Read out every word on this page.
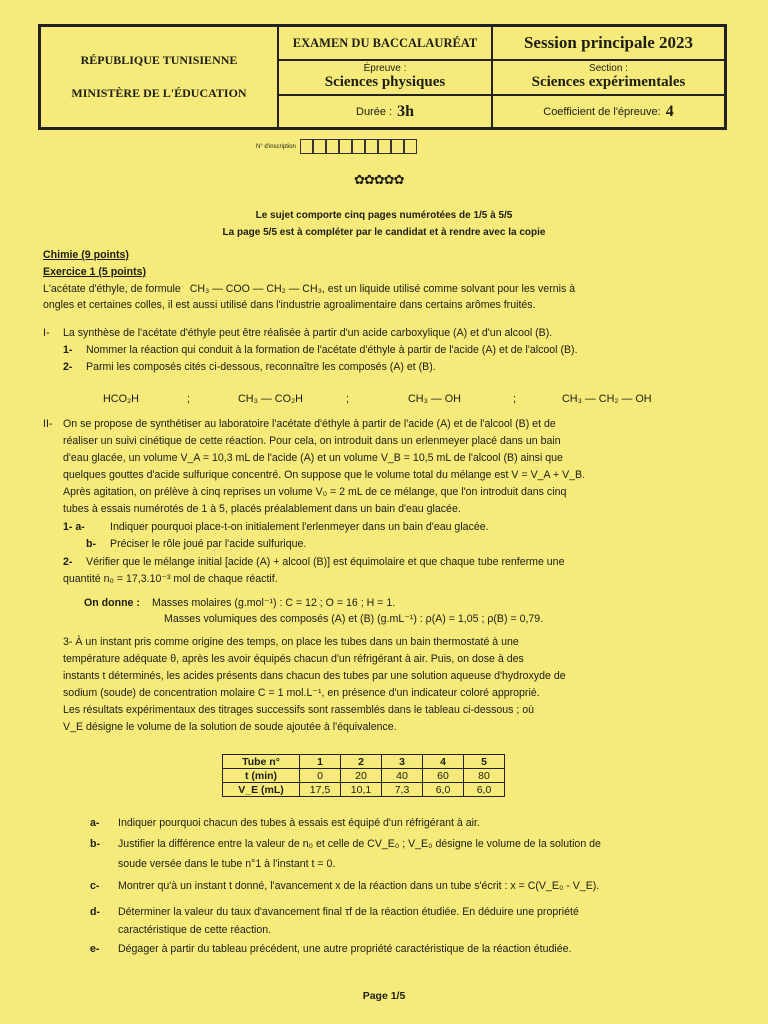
RÉPUBLIQUE TUNISIENNE
MINISTÈRE DE L'ÉDUCATION
EXAMEN DU BACCALAURÉAT	Session principale 2023
Épreuve :
Sciences physiques
Section :
Sciences expérimentales
Durée : 3h	Coefficient de l'épreuve: 4
N° d'inscription
✿✿✿✿✿
Le sujet comporte cinq pages numérotées de 1/5 à 5/5
La page 5/5 est à compléter par le candidat et à rendre avec la copie
Chimie (9 points)
Exercice 1 (5 points)
L'acétate d'éthyle, de formule CH₃ — COO — CH₂ — CH₃, est un liquide utilisé comme solvant pour les vernis à
ongles et certaines colles, il est aussi utilisé dans l'industrie agroalimentaire dans certains arômes fruités.
I- La synthèse de l'acétate d'éthyle peut être réalisée à partir d'un acide carboxylique (A) et d'un alcool (B).
1- Nommer la réaction qui conduit à la formation de l'acétate d'éthyle à partir de l'acide (A) et de l'alcool (B).
2- Parmi les composés cités ci-dessous, reconnaître les composés (A) et (B).
HCO₂H	;	CH₃ — CO₂H	;	CH₃ — OH	;	CH₃ — CH₂ — OH
II- On se propose de synthétiser au laboratoire l'acétate d'éthyle à partir de l'acide (A) et de l'alcool (B) et de
réaliser un suivi cinétique de cette réaction. Pour cela, on introduit dans un erlenmeyer placé dans un bain
d'eau glacée, un volume V_A = 10,3 mL de l'acide (A) et un volume V_B = 10,5 mL de l'alcool (B) ainsi que
quelques gouttes d'acide sulfurique concentré. On suppose que le volume total du mélange est V = V_A + V_B.
Après agitation, on prélève à cinq reprises un volume V₀ = 2 mL de ce mélange, que l'on introduit dans cinq
tubes à essais numérotés de 1 à 5, placés préalablement dans un bain d'eau glacée.
1- a- Indiquer pourquoi place-t-on initialement l'erlenmeyer dans un bain d'eau glacée.
b- Préciser le rôle joué par l'acide sulfurique.
2- Vérifier que le mélange initial [acide (A) + alcool (B)] est équimolaire et que chaque tube renferme une
quantité n₀ = 17,3.10⁻³ mol de chaque réactif.
On donne : Masses molaires (g.mol⁻¹) : C = 12 ; O = 16 ; H = 1.
Masses volumiques des composés (A) et (B) (g.mL⁻¹) : ρ(A) = 1,05 ; ρ(B) = 0,79.
3- À un instant pris comme origine des temps, on place les tubes dans un bain thermostaté à une
température adéquate θ, après les avoir équipés chacun d'un réfrigérant à air. Puis, on dose à des
instants t déterminés, les acides présents dans chacun des tubes par une solution aqueuse d'hydroxyde de
sodium (soude) de concentration molaire C = 1 mol.L⁻¹, en présence d'un indicateur coloré approprié.
Les résultats expérimentaux des titrages successifs sont rassemblés dans le tableau ci-dessous ; où
V_E désigne le volume de la solution de soude ajoutée à l'équivalence.
Tube n°	1	2	3	4	5
t (min)	0	20	40	60	80
V_E (mL)	17,5	10,1	7,3	6,0	6,0
a- Indiquer pourquoi chacun des tubes à essais est équipé d'un réfrigérant à air.
b- Justifier la différence entre la valeur de n₀ et celle de CV_E₀ ; V_E₀ désigne le volume de la solution de
soude versée dans le tube n°1 à l'instant t = 0.
c- Montrer qu'à un instant t donné, l'avancement x de la réaction dans un tube s'écrit : x = C(V_E₀ - V_E).
d- Déterminer la valeur du taux d'avancement final τf de la réaction étudiée. En déduire une propriété
caractéristique de cette réaction.
e- Dégager à partir du tableau précédent, une autre propriété caractéristique de la réaction étudiée.
Page 1/5
